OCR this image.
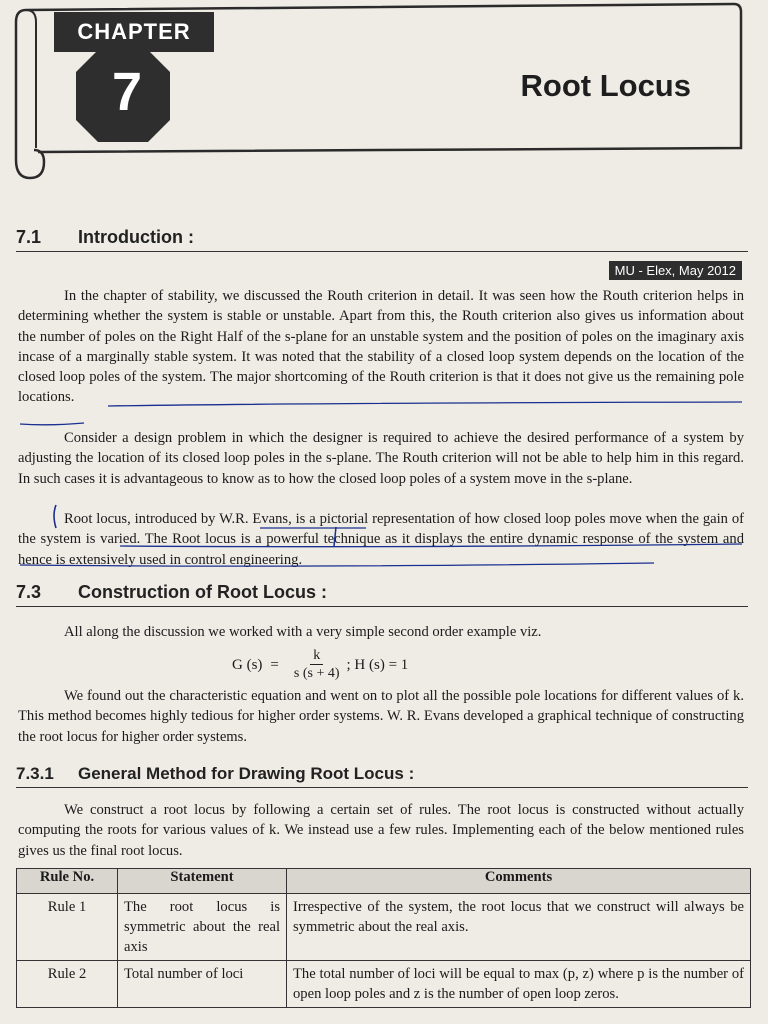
CHAPTER
7	Root Locus
7.1 Introduction :
MU - Elex, May 2012
In the chapter of stability, we discussed the Routh criterion in detail. It was seen how the Routh criterion helps in determining whether the system is stable or unstable. Apart from this, the Routh criterion also gives us information about the number of poles on the Right Half of the s-plane for an unstable system and the position of poles on the imaginary axis incase of a marginally stable system. It was noted that the stability of a closed loop system depends on the location of the closed loop poles of the system. The major shortcoming of the Routh criterion is that it does not give us the remaining pole locations.
Consider a design problem in which the designer is required to achieve the desired performance of a system by adjusting the location of its closed loop poles in the s-plane. The Routh criterion will not be able to help him in this regard. In such cases it is advantageous to know as to how the closed loop poles of a system move in the s-plane.
Root locus, introduced by W.R. Evans, is a pictorial representation of how closed loop poles move when the gain of the system is varied. The Root locus is a powerful technique as it displays the entire dynamic response of the system and hence is extensively used in control engineering.
7.3 Construction of Root Locus :
All along the discussion we worked with a very simple second order example viz.
G $(s) = \frac{k}{s (s + 4)}$ ; H (s) = 1
We found out the characteristic equation and went on to plot all the possible pole locations for different values of k. This method becomes highly tedious for higher order systems. W. R. Evans developed a graphical technique of constructing the root locus for higher order systems.
7.3.1 General Method for Drawing Root Locus :
We construct a root locus by following a certain set of rules. The root locus is constructed without actually computing the roots for various values of k. We instead use a few rules. Implementing each of the below mentioned rules gives us the final root locus.
Rule No.	Statement	Comments
Rule 1	The root locus is symmetric about the real axis	Irrespective of the system, the root locus that we construct will always be symmetric about the real axis.
Rule 2	Total number of loci	The total number of loci will be equal to max (p, z) where p is the number of open loop poles and z is the number of open loop zeros.
